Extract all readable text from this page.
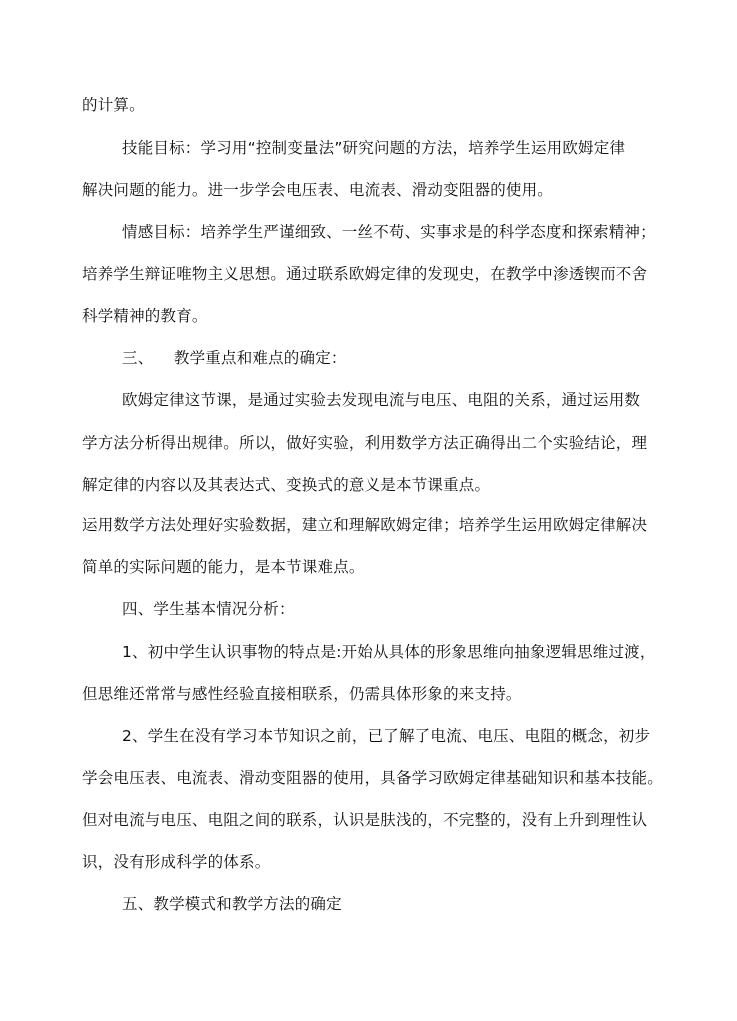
的计算。
技能目标：学习用“控制变量法”研究问题的方法，培养学生运用欧姆定律
解决问题的能力。进一步学会电压表、电流表、滑动变阻器的使用。
情感目标：培养学生严谨细致、一丝不苟、实事求是的科学态度和探索精神；
培养学生辩证唯物主义思想。通过联系欧姆定律的发现史，在教学中渗透锲而不舍
科学精神的教育。
三、    教学重点和难点的确定：
欧姆定律这节课，是通过实验去发现电流与电压、电阻的关系，通过运用数
学方法分析得出规律。所以，做好实验，利用数学方法正确得出二个实验结论，理
解定律的内容以及其表达式、变换式的意义是本节课重点。
运用数学方法处理好实验数据，建立和理解欧姆定律；培养学生运用欧姆定律解决
简单的实际问题的能力，是本节课难点。
四、学生基本情况分析：
1、初中学生认识事物的特点是:开始从具体的形象思维向抽象逻辑思维过渡，
但思维还常常与感性经验直接相联系，仍需具体形象的来支持。
2、学生在没有学习本节知识之前，已了解了电流、电压、电阻的概念，初步
学会电压表、电流表、滑动变阻器的使用，具备学习欧姆定律基础知识和基本技能。
但对电流与电压、电阻之间的联系，认识是肤浅的，不完整的，没有上升到理性认
识，没有形成科学的体系。
五、教学模式和教学方法的确定
